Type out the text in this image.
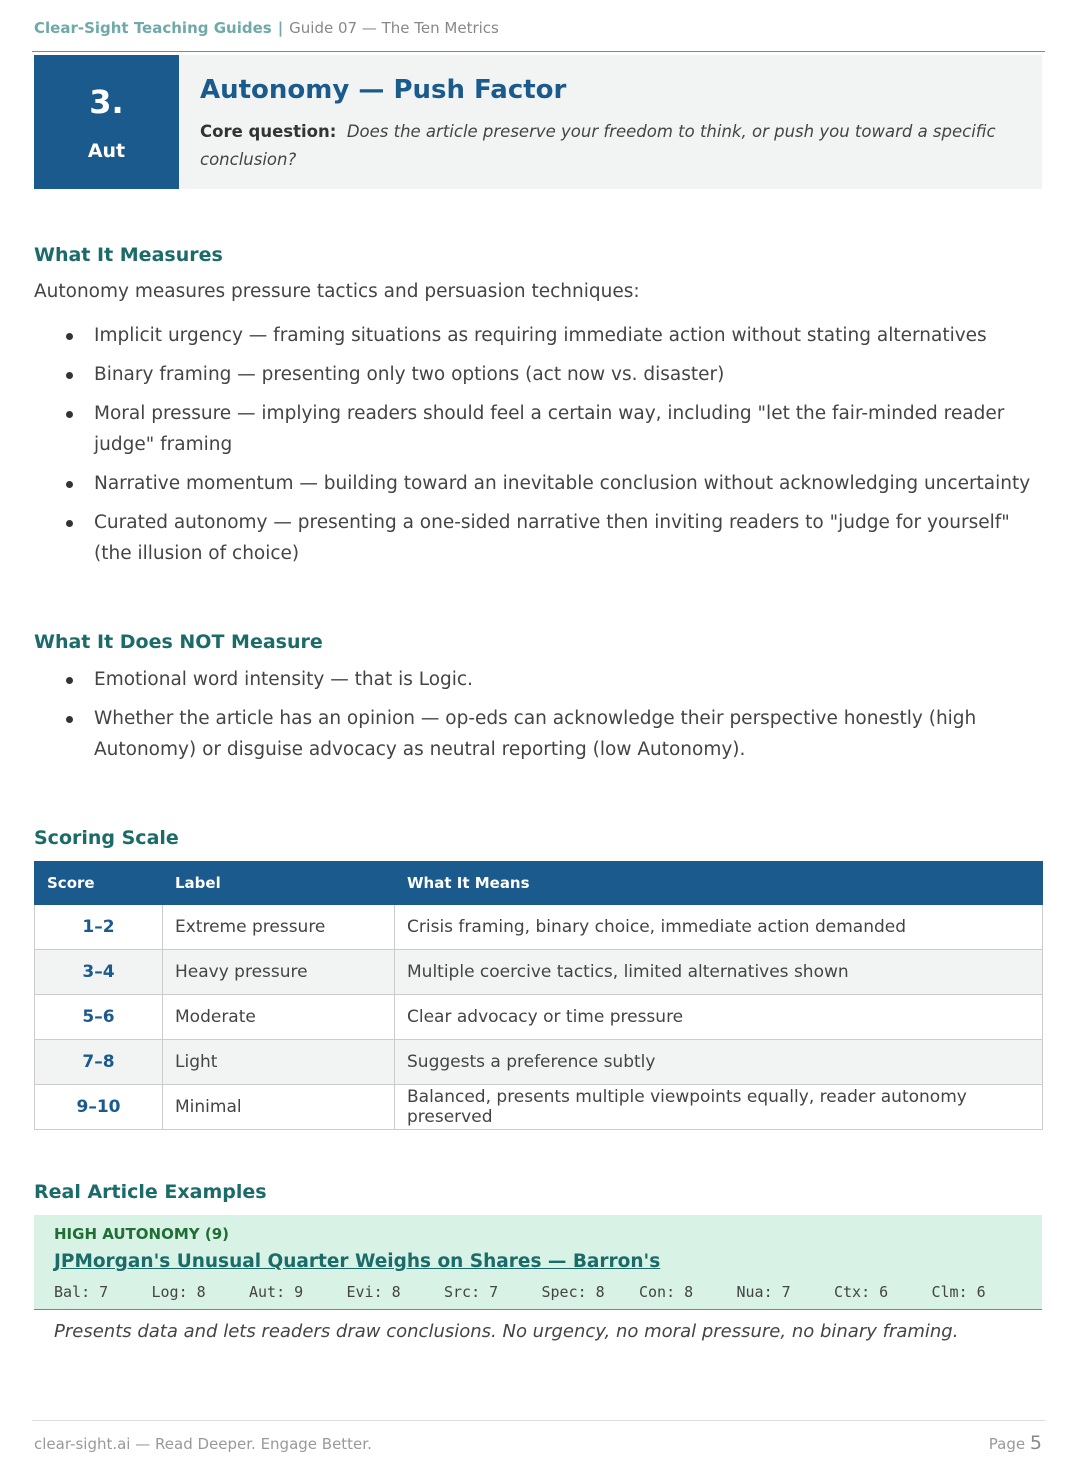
Clear-Sight Teaching Guides | Guide 07 — The Ten Metrics
3.
Aut
Autonomy — Push Factor

Core question: Does the article preserve your freedom to think, or push you toward a specific conclusion?

What It Measures

Autonomy measures pressure tactics and persuasion techniques:

Implicit urgency — framing situations as requiring immediate action without stating alternatives
Binary framing — presenting only two options (act now vs. disaster)
Moral pressure — implying readers should feel a certain way, including "let the fair-minded reader judge" framing
Narrative momentum — building toward an inevitable conclusion without acknowledging uncertainty
Curated autonomy — presenting a one-sided narrative then inviting readers to "judge for yourself" (the illusion of choice)
What It Does NOT Measure
Emotional word intensity — that is Logic.
Whether the article has an opinion — op-eds can acknowledge their perspective honestly (high Autonomy) or disguise advocacy as neutral reporting (low Autonomy).
Scoring Scale
Score	Label	What It Means
1–2	Extreme pressure	Crisis framing, binary choice, immediate action demanded
3–4	Heavy pressure	Multiple coercive tactics, limited alternatives shown
5–6	Moderate	Clear advocacy or time pressure
7–8	Light	Suggests a preference subtly
9–10	Minimal	Balanced, presents multiple viewpoints equally, reader autonomy preserved
Real Article Examples
HIGH AUTONOMY (9)
JPMorgan's Unusual Quarter Weighs on Shares — Barron's
Bal: 7	Log: 8	Aut: 9	Evi: 8	Src: 7	Spec: 8	Con: 8	Nua: 7	Ctx: 6	Clm: 6

Presents data and lets readers draw conclusions. No urgency, no moral pressure, no binary framing.

clear-sight.ai — Read Deeper. Engage Better.	Page 5
